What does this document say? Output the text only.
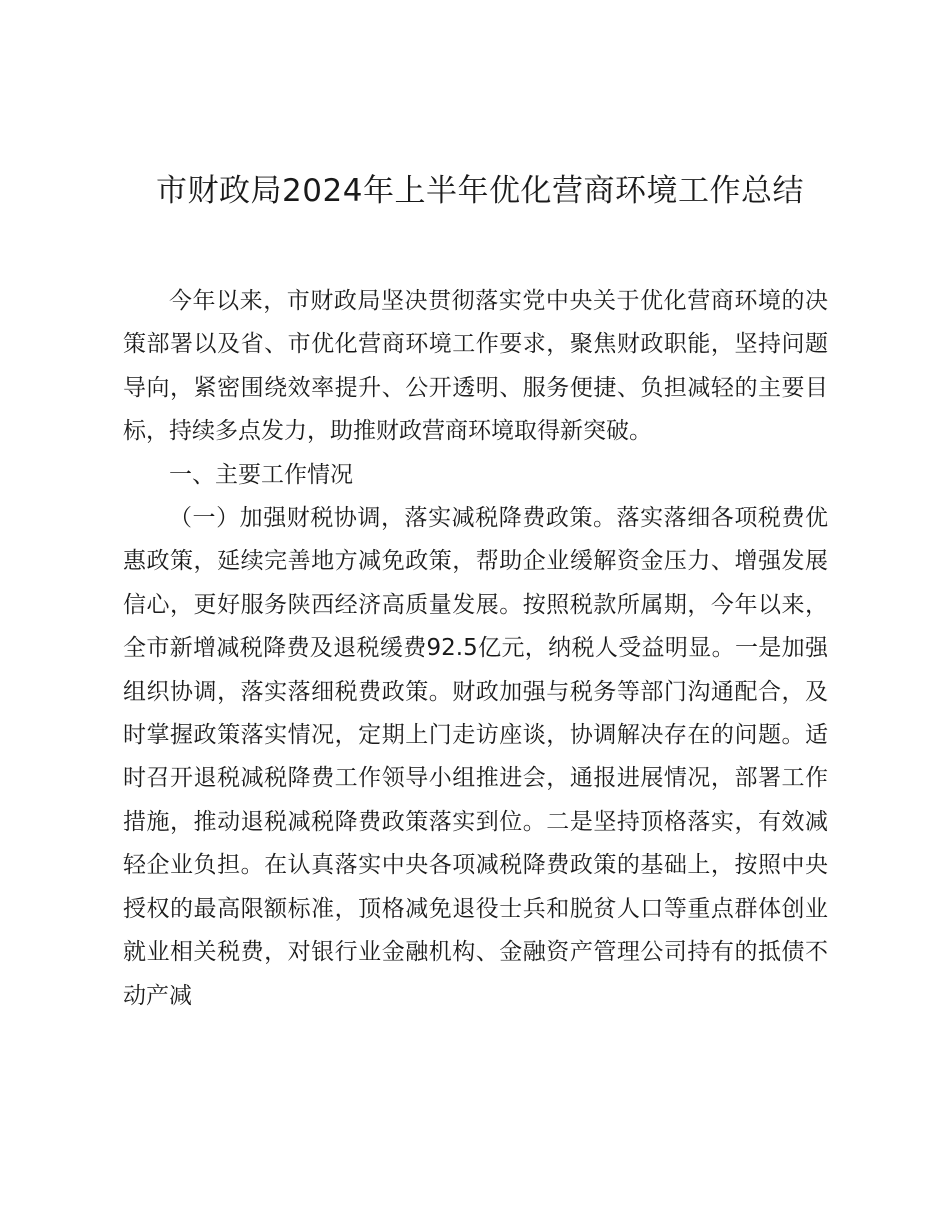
市财政局2024年上半年优化营商环境工作总结

今年以来，市财政局坚决贯彻落实党中央关于优化营商环境的决策部署以及省、市优化营商环境工作要求，聚焦财政职能，坚持问题导向，紧密围绕效率提升、公开透明、服务便捷、负担减轻的主要目标，持续多点发力，助推财政营商环境取得新突破。

一、主要工作情况

（一）加强财税协调，落实减税降费政策。落实落细各项税费优惠政策，延续完善地方减免政策，帮助企业缓解资金压力、增强发展信心，更好服务陕西经济高质量发展。按照税款所属期，今年以来，全市新增减税降费及退税缓费92.5亿元，纳税人受益明显。一是加强组织协调，落实落细税费政策。财政加强与税务等部门沟通配合，及时掌握政策落实情况，定期上门走访座谈，协调解决存在的问题。适时召开退税减税降费工作领导小组推进会，通报进展情况，部署工作措施，推动退税减税降费政策落实到位。二是坚持顶格落实，有效减轻企业负担。在认真落实中央各项减税降费政策的基础上，按照中央授权的最高限额标准，顶格减免退役士兵和脱贫人口等重点群体创业就业相关税费，对银行业金融机构、金融资产管理公司持有的抵债不动产减
